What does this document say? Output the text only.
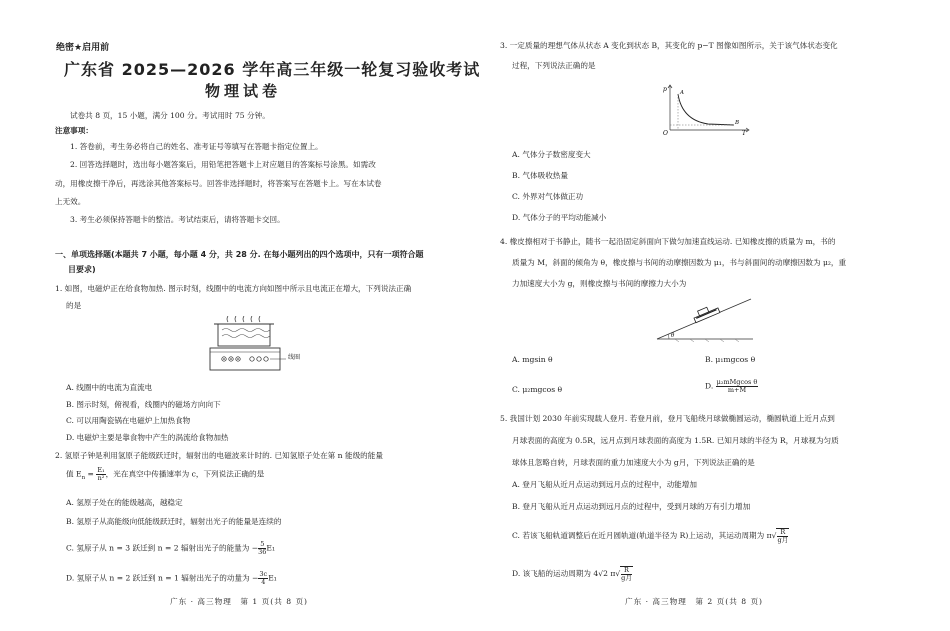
绝密★启用前
广东省 2025—2026 学年高三年级一轮复习验收考试
物理试卷
试卷共 8 页，15 小题，满分 100 分。考试用时 75 分钟。
注意事项：
1. 答卷前，考生务必将自己的姓名、准考证号等填写在答题卡指定位置上。
2. 回答选择题时，选出每小题答案后，用铅笔把答题卡上对应题目的答案标号涂黑。如需改
动，用橡皮擦干净后，再选涂其他答案标号。回答非选择题时，将答案写在答题卡上。写在本试卷
上无效。
3. 考生必须保持答题卡的整洁。考试结束后，请将答题卡交回。
一、单项选择题(本题共 7 小题，每小题 4 分，共 28 分. 在每小题列出的四个选项中，只有一项符合题
目要求)
1. 如图，电磁炉正在给食物加热. 图示时刻，线圈中的电流方向如图中所示且电流正在增大，下列说法正确
的是
线圈
A. 线圈中的电流为直流电
B. 图示时刻，俯视看，线圈内的磁场方向向下
C. 可以用陶瓷锅在电磁炉上加热食物
D. 电磁炉主要是靠食物中产生的涡流给食物加热
2. 氢原子钟是利用氢原子能级跃迁时，辐射出的电磁波来计时的. 已知氢原子处在第 n 能级的能量
值 $E_n = \frac{\text{E₁}}{\text{n²}}$ ，光在真空中传播速率为 c，下列说法正确的是
A. 氢原子处在的能级越高，越稳定
B. 氢原子从高能级向低能级跃迁时，辐射出光子的能量是连续的
C. 氢原子从 n = 3 跃迁到 n = 2 辐射出光子的能量为 − $\frac{5}{36} E_1$
D. 氢原子从 n = 2 跃迁到 n = 1 辐射出光子的动量为 − $\frac{3c}{4} E_1$
广东 · 高三物理　第 1 页(共 8 页)
3. 一定质量的理想气体从状态 A 变化到状态 B，其变化的 p−T 图像如图所示，关于该气体状态变化
过程，下列说法正确的是
p
T
O
A
B
A. 气体分子数密度变大
B. 气体吸收热量
C. 外界对气体做正功
D. 气体分子的平均动能减小
4. 橡皮擦相对于书静止，随书一起沿固定斜面向下做匀加速直线运动. 已知橡皮擦的质量为 m，书的
质量为 M，斜面的倾角为 θ，橡皮擦与书间的动摩擦因数为 μ₁，书与斜面间的动摩擦因数为 μ₂，重
力加速度大小为 g，则橡皮擦与书间的摩擦力大小为
θ
A. mgsin θ	B. μ₁mgcos θ
C. μ₂mgcos θ	D. $\frac{\text{μ₂mMgcos θ}}{m+M}$
5. 我国计划 2030 年前实现载人登月. 若登月前，登月飞船绕月球做椭圆运动，椭圆轨道上近月点到
月球表面的高度为 0.5R，远月点到月球表面的高度为 1.5R. 已知月球的半径为 R，月球视为匀质
球体且忽略自转，月球表面的重力加速度大小为 g月，下列说法正确的是
A. 登月飞船从近月点运动到远月点的过程中，动能增加
B. 登月飞船从近月点运动到远月点的过程中，受到月球的万有引力增加
C. 若该飞船轨道调整后在近月圆轨道(轨道半径为 R)上运动，其运动周期为 $\pi√ \frac{R}{\text{g月}}$
D. 该飞船的运动周期为 4√2 $\pi√ \frac{R}{\text{g月}}$
广东 · 高三物理　第 2 页(共 8 页)
